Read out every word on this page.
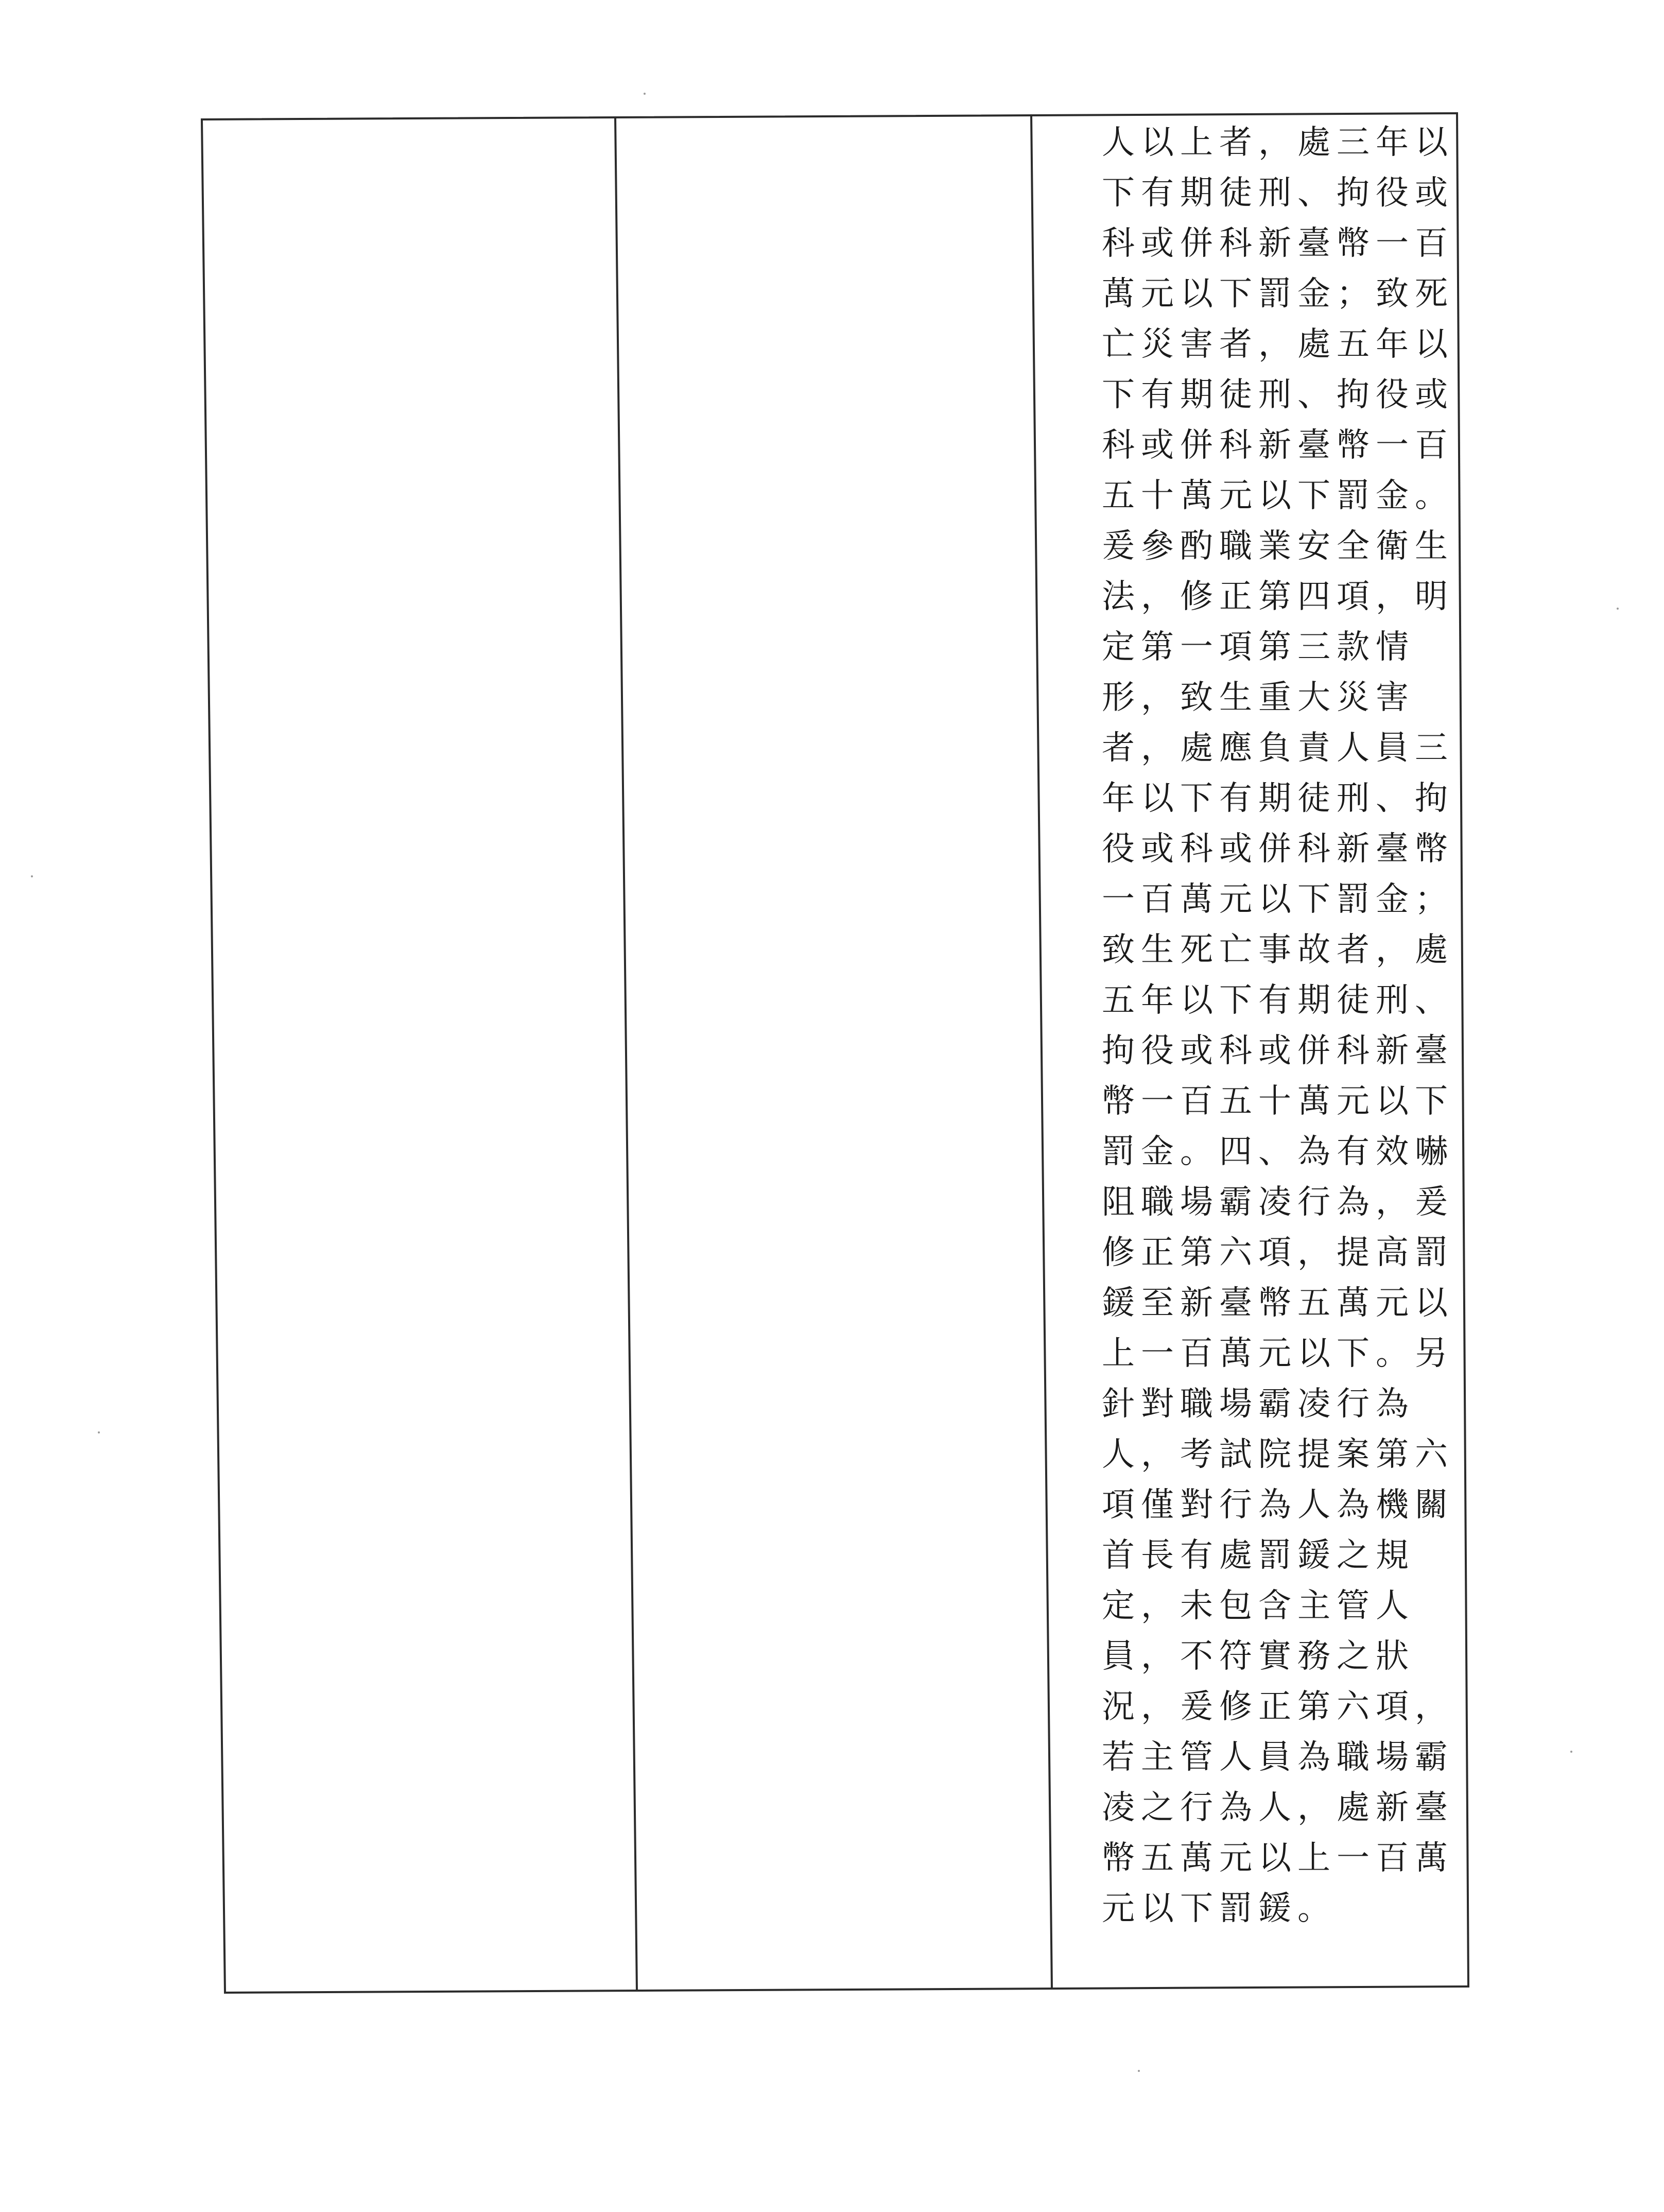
人以上者，處三年以
下有期徒刑、拘役或
科或併科新臺幣一百
萬元以下罰金；致死
亡災害者，處五年以
下有期徒刑、拘役或
科或併科新臺幣一百
五十萬元以下罰金。
爰參酌職業安全衛生
法，修正第四項，明
定第一項第三款情
形，致生重大災害
者，處應負責人員三
年以下有期徒刑、拘
役或科或併科新臺幣
一百萬元以下罰金；
致生死亡事故者，處
五年以下有期徒刑、
拘役或科或併科新臺
幣一百五十萬元以下
罰金。四、為有效嚇
阻職場霸凌行為，爰
修正第六項，提高罰
鍰至新臺幣五萬元以
上一百萬元以下。另
針對職場霸凌行為
人，考試院提案第六
項僅對行為人為機關
首長有處罰鍰之規
定，未包含主管人
員，不符實務之狀
況，爰修正第六項，
若主管人員為職場霸
凌之行為人，處新臺
幣五萬元以上一百萬
元以下罰鍰。
